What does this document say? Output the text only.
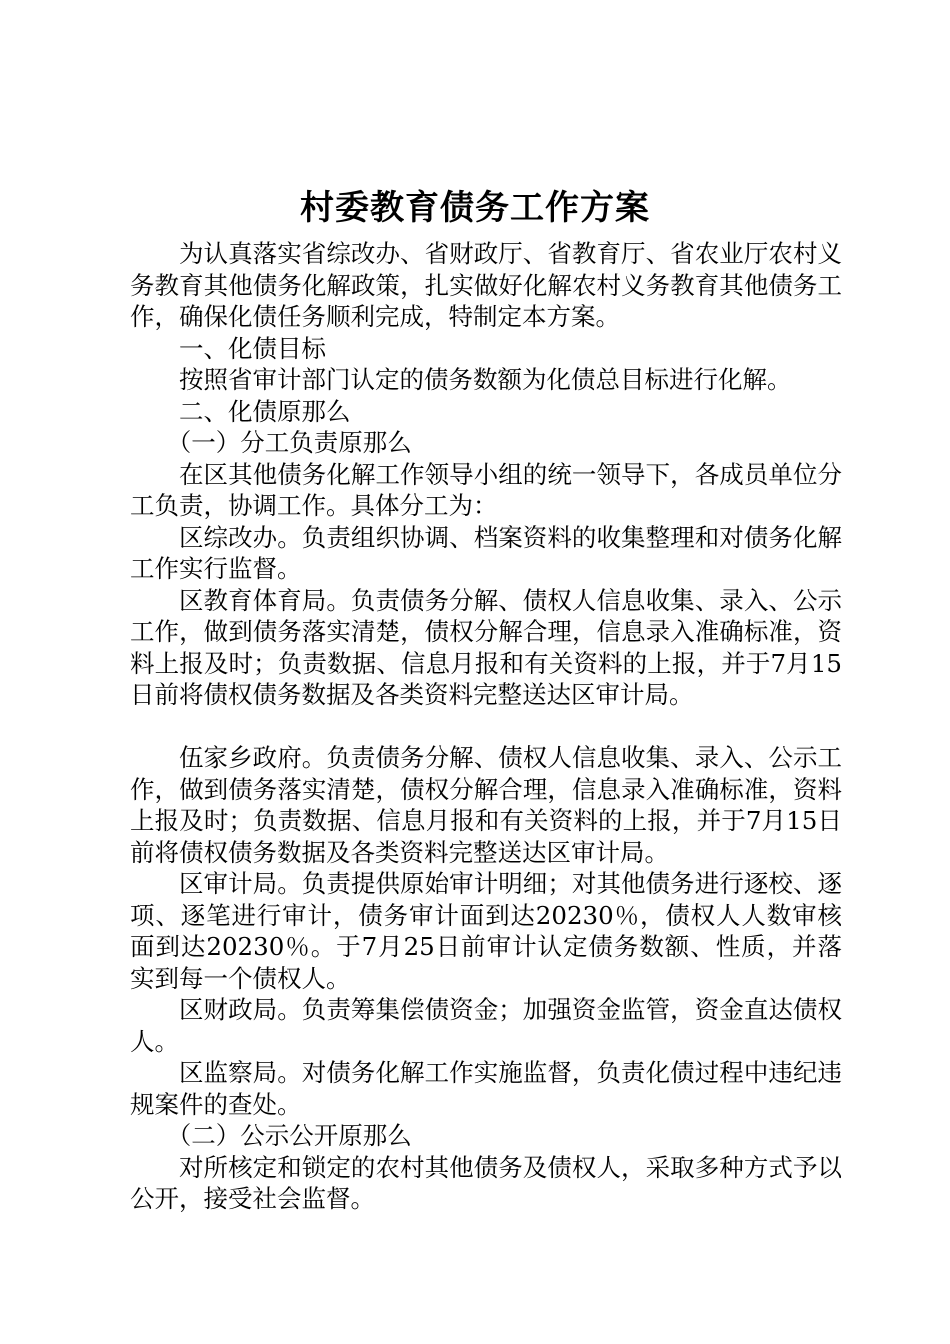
村委教育债务工作方案

为认真落实省综改办、省财政厅、省教育厅、省农业厅农村义务教育其他债务化解政策，扎实做好化解农村义务教育其他债务工作，确保化债任务顺利完成，特制定本方案。

一、化债目标

按照省审计部门认定的债务数额为化债总目标进行化解。

二、化债原那么

（一）分工负责原那么

在区其他债务化解工作领导小组的统一领导下，各成员单位分工负责，协调工作。具体分工为：

区综改办。负责组织协调、档案资料的收集整理和对债务化解工作实行监督。

区教育体育局。负责债务分解、债权人信息收集、录入、公示工作，做到债务落实清楚，债权分解合理，信息录入准确标准，资料上报及时；负责数据、信息月报和有关资料的上报，并于7月15日前将债权债务数据及各类资料完整送达区审计局。

伍家乡政府。负责债务分解、债权人信息收集、录入、公示工作，做到债务落实清楚，债权分解合理，信息录入准确标准，资料上报及时；负责数据、信息月报和有关资料的上报，并于7月15日前将债权债务数据及各类资料完整送达区审计局。

区审计局。负责提供原始审计明细；对其他债务进行逐校、逐项、逐笔进行审计，债务审计面到达20230％，债权人人数审核面到达20230％。于7月25日前审计认定债务数额、性质，并落实到每一个债权人。

区财政局。负责筹集偿债资金；加强资金监管，资金直达债权人。

区监察局。对债务化解工作实施监督，负责化债过程中违纪违规案件的查处。

（二）公示公开原那么

对所核定和锁定的农村其他债务及债权人，采取多种方式予以公开，接受社会监督。
